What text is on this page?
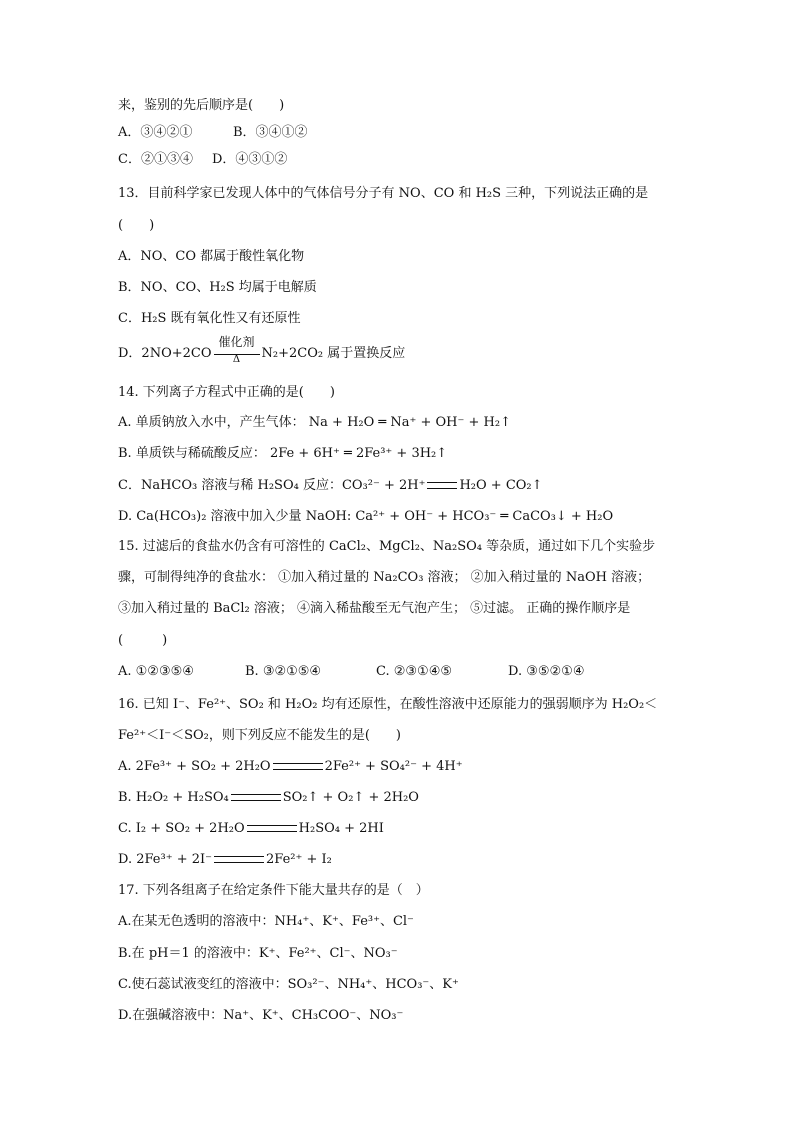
来，鉴别的先后顺序是(　　)
A．③④②①	B．③④①②
C．②①③④ D．④③①②
13．目前科学家已发现人体中的气体信号分子有 NO、CO 和 H₂S 三种，下列说法正确的是
(　　)
A．NO、CO 都属于酸性氧化物
B．NO、CO、H₂S 均属于电解质
C．H₂S 既有氧化性又有还原性
D．2NO+2CO
催化剂
Δ	N₂+2CO₂ 属于置换反应
14. 下列离子方程式中正确的是(　　)
A. 单质钠放入水中，产生气体： Na + H₂O ═ Na⁺ + OH⁻ + H₂↑
B. 单质铁与稀硫酸反应： 2Fe + 6H⁺ ═ 2Fe³⁺ + 3H₂↑
C．NaHCO₃ 溶液与稀 H₂SO₄ 反应：CO₃²⁻ + 2H⁺	H₂O + CO₂↑
D. Ca(HCO₃)₂ 溶液中加入少量 NaOH: Ca²⁺ + OH⁻ + HCO₃⁻ ═ CaCO₃↓ + H₂O
15. 过滤后的食盐水仍含有可溶性的 CaCl₂、MgCl₂、Na₂SO₄ 等杂质，通过如下几个实验步
骤，可制得纯净的食盐水： ①加入稍过量的 Na₂CO₃ 溶液； ②加入稍过量的 NaOH 溶液；
③加入稍过量的 BaCl₂ 溶液； ④滴入稀盐酸至无气泡产生； ⑤过滤。 正确的操作顺序是
(　　　)
A. ①②③⑤④	B. ③②①⑤④	C. ②③①④⑤	D. ③⑤②①④
16. 已知 I⁻、Fe²⁺、SO₂ 和 H₂O₂ 均有还原性，在酸性溶液中还原能力的强弱顺序为 H₂O₂＜
Fe²⁺＜I⁻＜SO₂，则下列反应不能发生的是(　　)
A. 2Fe³⁺ + SO₂ + 2H₂O	2Fe²⁺ + SO₄²⁻ + 4H⁺
B. H₂O₂ + H₂SO₄	SO₂↑ + O₂↑ + 2H₂O
C. I₂ + SO₂ + 2H₂O	H₂SO₄ + 2HI
D. 2Fe³⁺ + 2I⁻	2Fe²⁺ + I₂
17. 下列各组离子在给定条件下能大量共存的是（　）
A.在某无色透明的溶液中：NH₄⁺、K⁺、Fe³⁺、Cl⁻
B.在 pH＝1 的溶液中：K⁺、Fe²⁺、Cl⁻、NO₃⁻
C.使石蕊试液变红的溶液中：SO₃²⁻、NH₄⁺、HCO₃⁻、K⁺
D.在强碱溶液中：Na⁺、K⁺、CH₃COO⁻、NO₃⁻
